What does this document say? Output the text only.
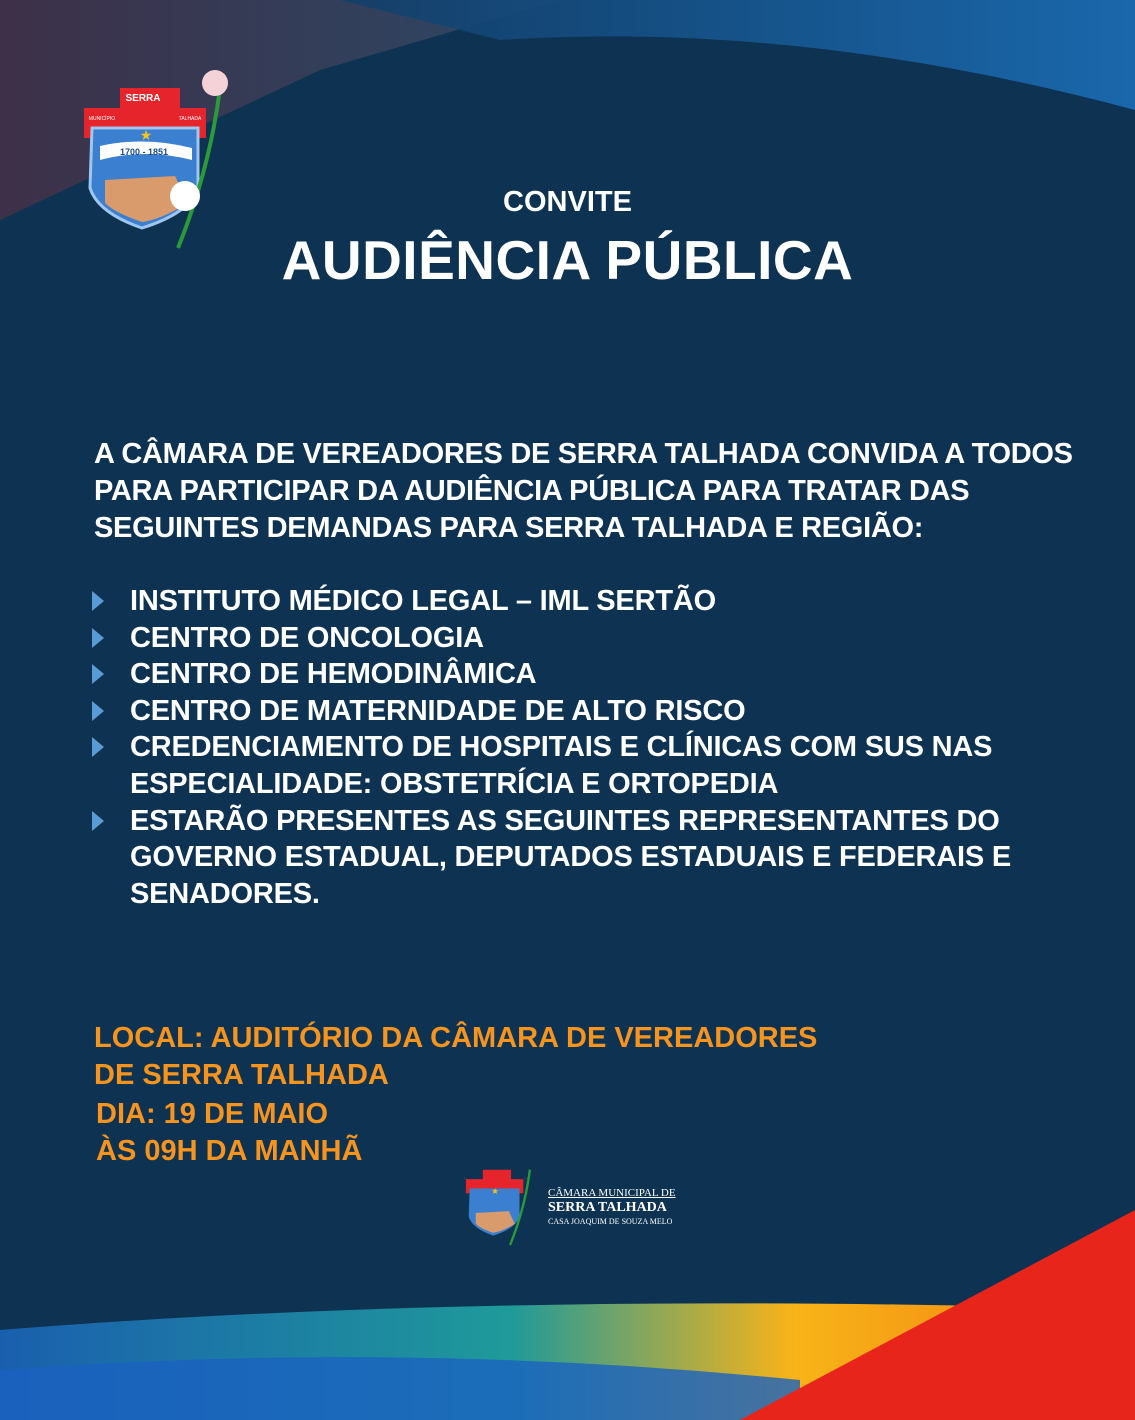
SERRA
MUNICÍPIO	TALHADA
1700 - 1851
★
CONVITE
AUDIÊNCIA PÚBLICA
A CÂMARA DE VEREADORES DE SERRA TALHADA CONVIDA A TODOS PARA PARTICIPAR DA AUDIÊNCIA PÚBLICA PARA TRATAR DAS SEGUINTES DEMANDAS PARA SERRA TALHADA E REGIÃO:
INSTITUTO MÉDICO LEGAL – IML SERTÃO
CENTRO DE ONCOLOGIA
CENTRO DE HEMODINÂMICA
CENTRO DE MATERNIDADE DE ALTO RISCO
CREDENCIAMENTO DE HOSPITAIS E CLÍNICAS COM SUS NAS ESPECIALIDADE: OBSTETRÍCIA E ORTOPEDIA
ESTARÃO PRESENTES AS SEGUINTES REPRESENTANTES DO GOVERNO ESTADUAL, DEPUTADOS ESTADUAIS E FEDERAIS E SENADORES.
LOCAL: AUDITÓRIO DA CÂMARA DE VEREADORES
DE SERRA TALHADA
DIA: 19 DE MAIO
ÀS 09H DA MANHÃ
★	CÂMARA MUNICIPAL DE
SERRA TALHADA
CASA JOAQUIM DE SOUZA MELO
